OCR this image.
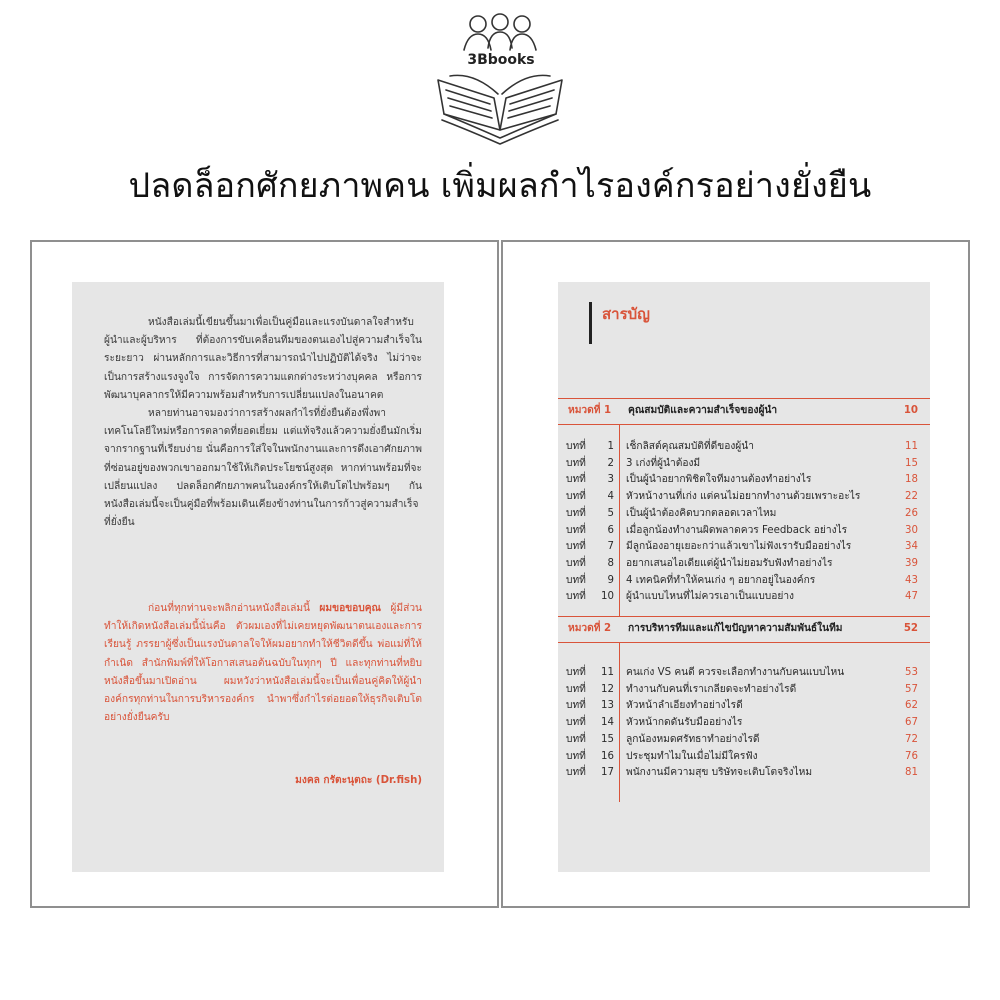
3Bbooks
ปลดล็อกศักยภาพคน เพิ่มผลกำไรองค์กรอย่างยั่งยืน

หนังสือเล่มนี้เขียนขึ้นมาเพื่อเป็นคู่มือและแรงบันดาลใจสำหรับผู้นำและผู้บริหาร ที่ต้องการขับเคลื่อนทีมของตนเองไปสู่ความสำเร็จในระยะยาว ผ่านหลักการและวิธีการที่สามารถนำไปปฏิบัติได้จริง ไม่ว่าจะเป็นการสร้างแรงจูงใจ การจัดการความแตกต่างระหว่างบุคคล หรือการพัฒนาบุคลากรให้มีความพร้อมสำหรับการเปลี่ยนแปลงในอนาคต

หลายท่านอาจมองว่าการสร้างผลกำไรที่ยั่งยืนต้องพึ่งพาเทคโนโลยีใหม่หรือการตลาดที่ยอดเยี่ยม แต่แท้จริงแล้วความยั่งยืนมักเริ่มจากรากฐานที่เรียบง่าย นั่นคือการใส่ใจในพนักงานและการดึงเอาศักยภาพที่ซ่อนอยู่ของพวกเขาออกมาใช้ให้เกิดประโยชน์สูงสุด หากท่านพร้อมที่จะเปลี่ยนแปลง ปลดล็อกศักยภาพคนในองค์กรให้เติบโตไปพร้อมๆ กัน หนังสือเล่มนี้จะเป็นคู่มือที่พร้อมเดินเคียงข้างท่านในการก้าวสู่ความสำเร็จที่ยั่งยืน

ก่อนที่ทุกท่านจะพลิกอ่านหนังสือเล่มนี้ ผมขอขอบคุณ ผู้มีส่วนทำให้เกิดหนังสือเล่มนี้นั่นคือ ตัวผมเองที่ไม่เคยหยุดพัฒนาตนเองและการเรียนรู้ ภรรยาผู้ซึ่งเป็นแรงบันดาลใจให้ผมอยากทำให้ชีวิตดีขึ้น พ่อแม่ที่ให้กำเนิด สำนักพิมพ์ที่ให้โอกาสเสนอต้นฉบับในทุกๆ ปี และทุกท่านที่หยิบหนังสือขึ้นมาเปิดอ่าน ผมหวังว่าหนังสือเล่มนี้จะเป็นเพื่อนคู่คิดให้ผู้นำองค์กรทุกท่านในการบริหารองค์กร นำพาซึ่งกำไรต่อยอดให้ธุรกิจเติบโตอย่างยั่งยืนครับ

มงคล กรัตะนุตถะ (Dr.fish)
สารบัญ
หมวดที่ 1 คุณสมบัติและความสำเร็จของผู้นำ	10
บทที่	1 เช็กลิสต์คุณสมบัติที่ดีของผู้นำ	11
บทที่	2 3 เก่งที่ผู้นำต้องมี	15
บทที่	3 เป็นผู้นำอยากพิชิตใจทีมงานต้องทำอย่างไร	18
บทที่	4 หัวหน้างานที่เก่ง แต่คนไม่อยากทำงานด้วยเพราะอะไร	22
บทที่	5 เป็นผู้นำต้องคิดบวกตลอดเวลาไหม	26
บทที่	6 เมื่อลูกน้องทำงานผิดพลาดควร Feedback อย่างไร	30
บทที่	7 มีลูกน้องอายุเยอะกว่าแล้วเขาไม่ฟังเรารับมืออย่างไร	34
บทที่	8 อยากเสนอไอเดียแต่ผู้นำไม่ยอมรับฟังทำอย่างไร	39
บทที่	9 4 เทคนิคที่ทำให้คนเก่ง ๆ อยากอยู่ในองค์กร	43
บทที่	10 ผู้นำแบบไหนที่ไม่ควรเอาเป็นแบบอย่าง	47
หมวดที่ 2 การบริหารทีมและแก้ไขปัญหาความสัมพันธ์ในทีม	52
บทที่	11 คนเก่ง VS คนดี ควรจะเลือกทำงานกับคนแบบไหน	53
บทที่	12 ทำงานกับคนที่เราเกลียดจะทำอย่างไรดี	57
บทที่	13 หัวหน้าลำเอียงทำอย่างไรดี	62
บทที่	14 หัวหน้ากดดันรับมืออย่างไร	67
บทที่	15 ลูกน้องหมดศรัทธาทำอย่างไรดี	72
บทที่	16 ประชุมทำไมในเมื่อไม่มีใครฟัง	76
บทที่	17 พนักงานมีความสุข บริษัทจะเติบโตจริงไหม	81
